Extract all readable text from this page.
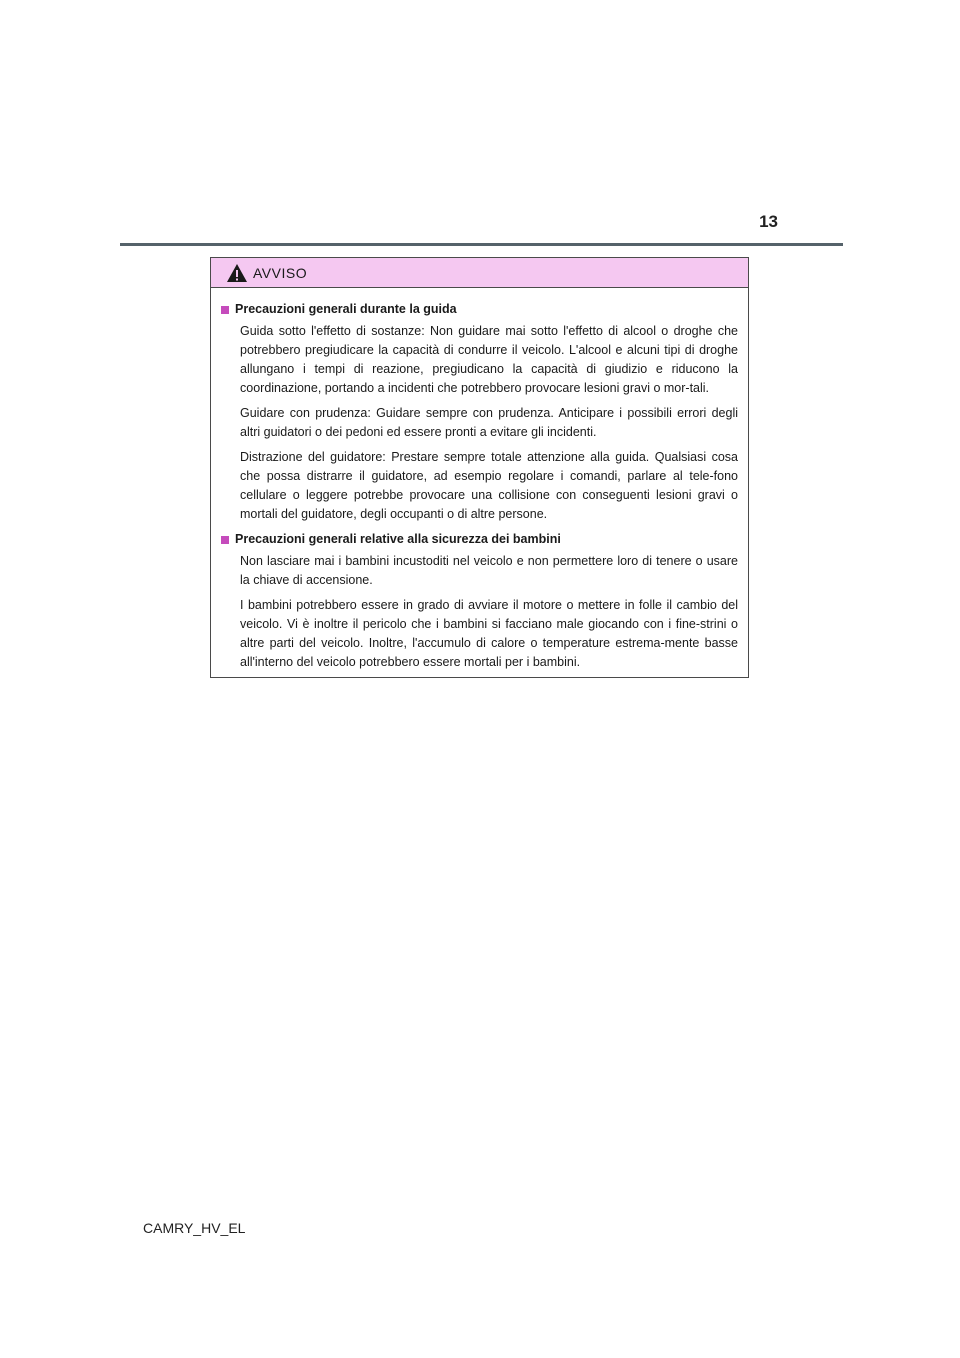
13
AVVISO
Precauzioni generali durante la guida

Guida sotto l'effetto di sostanze: Non guidare mai sotto l'effetto di alcool o droghe che potrebbero pregiudicare la capacità di condurre il veicolo. L'alcool e alcuni tipi di droghe allungano i tempi di reazione, pregiudicano la capacità di giudizio e riducono la coordinazione, portando a incidenti che potrebbero provocare lesioni gravi o mor-tali.

Guidare con prudenza: Guidare sempre con prudenza. Anticipare i possibili errori degli altri guidatori o dei pedoni ed essere pronti a evitare gli incidenti.

Distrazione del guidatore: Prestare sempre totale attenzione alla guida. Qualsiasi cosa che possa distrarre il guidatore, ad esempio regolare i comandi, parlare al tele-fono cellulare o leggere potrebbe provocare una collisione con conseguenti lesioni gravi o mortali del guidatore, degli occupanti o di altre persone.

Precauzioni generali relative alla sicurezza dei bambini

Non lasciare mai i bambini incustoditi nel veicolo e non permettere loro di tenere o usare la chiave di accensione.

I bambini potrebbero essere in grado di avviare il motore o mettere in folle il cambio del veicolo. Vi è inoltre il pericolo che i bambini si facciano male giocando con i fine-strini o altre parti del veicolo. Inoltre, l'accumulo di calore o temperature estrema-mente basse all'interno del veicolo potrebbero essere mortali per i bambini.

CAMRY_HV_EL
